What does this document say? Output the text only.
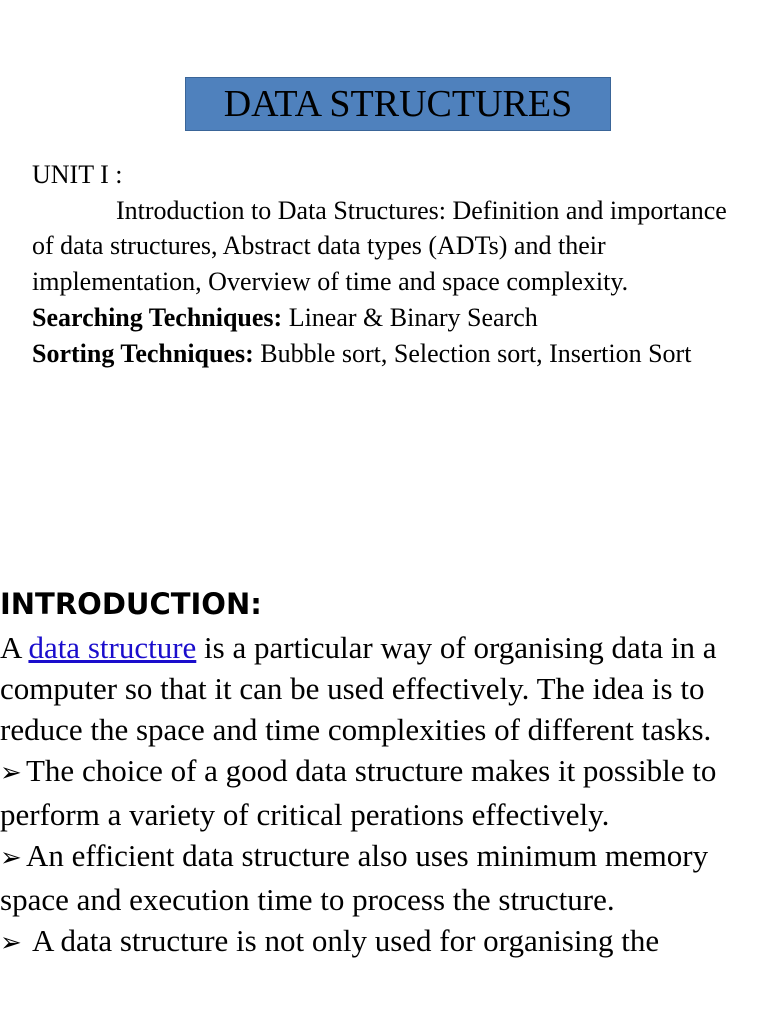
DATA STRUCTURES

UNIT I :

Introduction to Data Structures: Definition and importance of data structures, Abstract data types (ADTs) and their implementation, Overview of time and space complexity.

Searching Techniques: Linear & Binary Search

Sorting Techniques: Bubble sort, Selection sort, Insertion Sort

INTRODUCTION:

A data structure is a particular way of organising data in a computer so that it can be used effectively. The idea is to reduce the space and time complexities of different tasks.

➢ The choice of a good data structure makes it possible to perform a variety of critical perations effectively.

➢ An efficient data structure also uses minimum memory space and execution time to process the structure.

➢ A data structure is not only used for organising the
